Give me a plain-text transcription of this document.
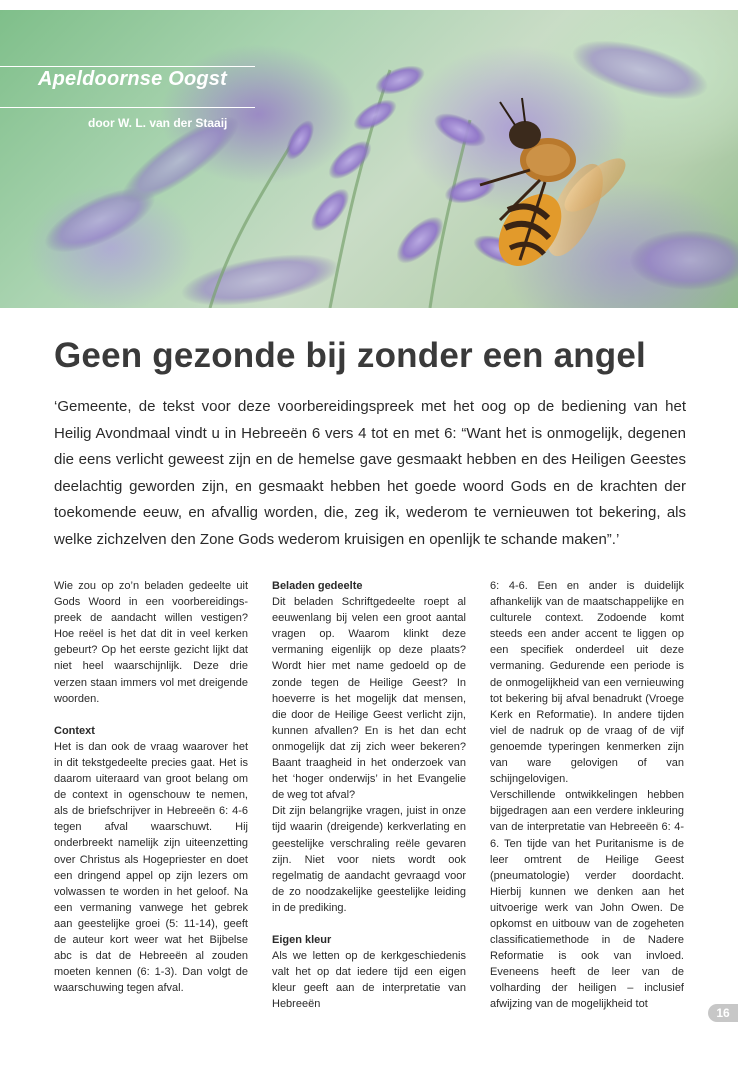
Apeldoornse Oogst
door W. L. van der Staaij
Geen gezonde bij zonder een angel

‘Gemeente, de tekst voor deze voorbereidingspreek met het oog op de bediening van het Heilig Avondmaal vindt u in Hebreeën 6 vers 4 tot en met 6: “Want het is onmogelijk, degenen die eens verlicht geweest zijn en de hemelse gave gesmaakt hebben en des Heiligen Geestes deelachtig geworden zijn, en gesmaakt hebben het goede woord Gods en de krachten der toekomende eeuw, en afvallig worden, die, zeg ik, wederom te vernieuwen tot bekering, als welke zichzelven den Zone Gods wederom kruisigen en openlijk te schande maken”.’

Wie zou op zo’n beladen gedeelte uit Gods Woord in een voorbereidingspreek de aandacht willen vestigen? Hoe reëel is het dat dit in veel kerken gebeurt? Op het eerste gezicht lijkt dat niet heel waarschijnlijk. Deze drie verzen staan immers vol met dreigende woorden.

Context

Het is dan ook de vraag waarover het in dit tekstgedeelte precies gaat. Het is daarom uiteraard van groot belang om de context in ogenschouw te nemen, als de briefschrijver in Hebreeën 6: 4-6 tegen afval waarschuwt. Hij onderbreekt namelijk zijn uiteenzetting over Christus als Hogepriester en doet een dringend appel op zijn lezers om volwassen te worden in het geloof. Na een vermaning vanwege het gebrek aan geestelijke groei (5: 11-14), geeft de auteur kort weer wat het Bijbelse abc is dat de Hebreeën al zouden moeten kennen (6: 1-3). Dan volgt de waarschuwing tegen afval.

Beladen gedeelte

Dit beladen Schriftgedeelte roept al eeuwenlang bij velen een groot aantal vragen op. Waarom klinkt deze vermaning eigenlijk op deze plaats? Wordt hier met name gedoeld op de zonde tegen de Heilige Geest? In hoeverre is het mogelijk dat mensen, die door de Heilige Geest verlicht zijn, kunnen afvallen? En is het dan echt onmogelijk dat zij zich weer bekeren? Baant traagheid in het onderzoek van het ‘hoger onderwijs’ in het Evangelie de weg tot afval?

Dit zijn belangrijke vragen, juist in onze tijd waarin (dreigende) kerkverlating en geestelijke verschraling reële gevaren zijn. Niet voor niets wordt ook regelmatig de aandacht gevraagd voor de zo noodzakelijke geestelijke leiding in de prediking.

Eigen kleur

Als we letten op de kerkgeschiedenis valt het op dat iedere tijd een eigen kleur geeft aan de interpretatie van Hebreeën

6: 4-6. Een en ander is duidelijk afhankelijk van de maatschappelijke en culturele context. Zodoende komt steeds een ander accent te liggen op een specifiek onderdeel uit deze vermaning. Gedurende een periode is de onmogelijkheid van een vernieuwing tot bekering bij afval benadrukt (Vroege Kerk en Reformatie). In andere tijden viel de nadruk op de vraag of de vijf genoemde typeringen kenmerken zijn van ware gelovigen of van schijngelovigen.

Verschillende ontwikkelingen hebben bijgedragen aan een verdere inkleuring van de interpretatie van Hebreeën 6: 4-6. Ten tijde van het Puritanisme is de leer omtrent de Heilige Geest (pneumatologie) verder doordacht. Hierbij kunnen we denken aan het uitvoerige werk van John Owen. De opkomst en uitbouw van de zogeheten classificatiemethode in de Nadere Reformatie is ook van invloed. Eveneens heeft de leer van de volharding der heiligen – inclusief afwijzing van de mogelijkheid tot

16
